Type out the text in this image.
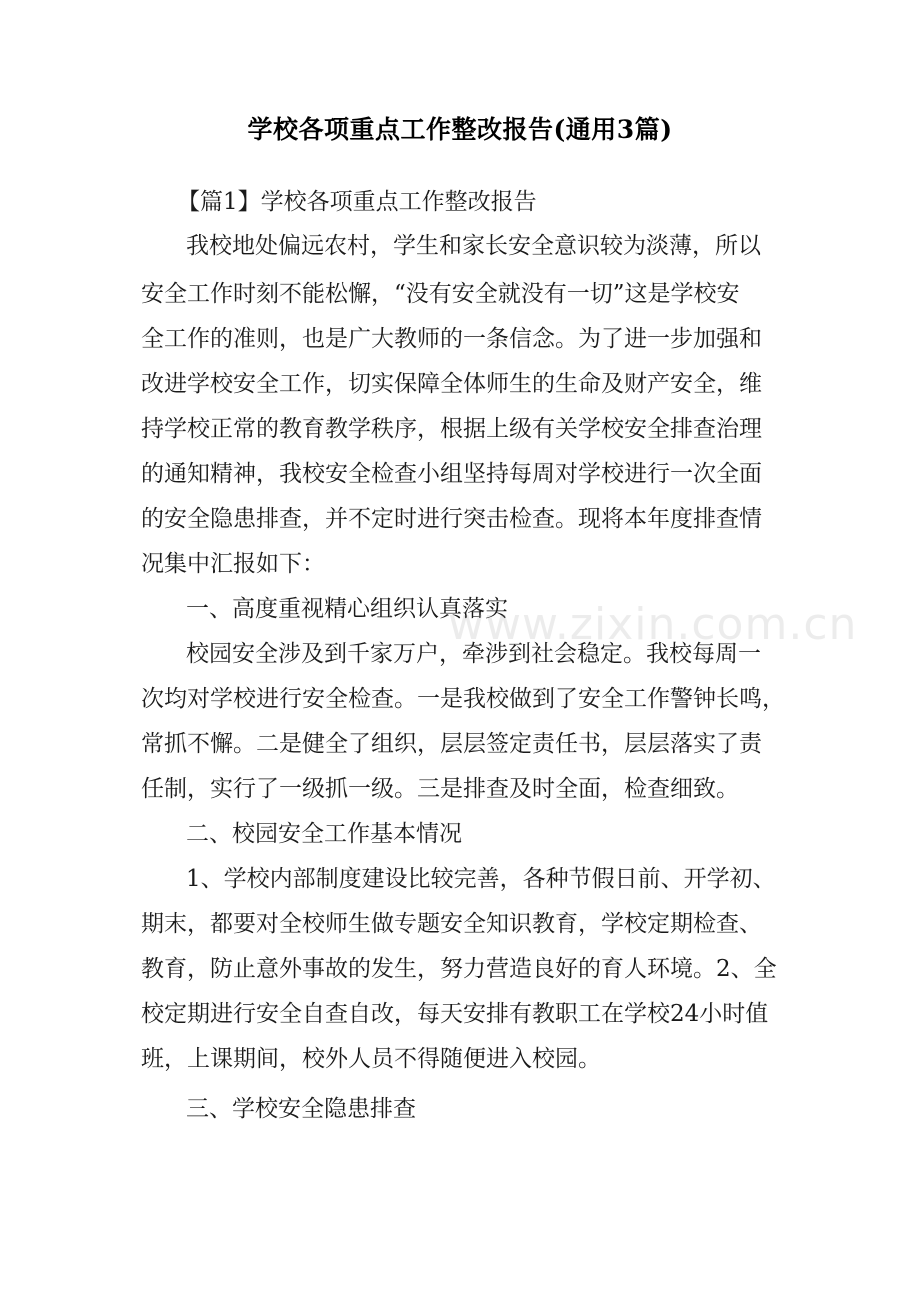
学校各项重点工作整改报告(通用3篇)
【篇1】学校各项重点工作整改报告
我校地处偏远农村，学生和家长安全意识较为淡薄，所以
安全工作时刻不能松懈，“没有安全就没有一切”这是学校安
全工作的准则，也是广大教师的一条信念。为了进一步加强和
改进学校安全工作，切实保障全体师生的生命及财产安全，维
持学校正常的教育教学秩序，根据上级有关学校安全排查治理
的通知精神，我校安全检查小组坚持每周对学校进行一次全面
的安全隐患排查，并不定时进行突击检查。现将本年度排查情
况集中汇报如下：
一、高度重视精心组织认真落实
校园安全涉及到千家万户，牵涉到社会稳定。我校每周一
次均对学校进行安全检查。一是我校做到了安全工作警钟长鸣，
常抓不懈。二是健全了组织，层层签定责任书，层层落实了责
任制，实行了一级抓一级。三是排查及时全面，检查细致。
二、校园安全工作基本情况
1、学校内部制度建设比较完善，各种节假日前、开学初、
期末，都要对全校师生做专题安全知识教育，学校定期检查、
教育，防止意外事故的发生，努力营造良好的育人环境。2、全
校定期进行安全自查自改，每天安排有教职工在学校24小时值
班，上课期间，校外人员不得随便进入校园。
三、学校安全隐患排查
www.zixin.com.cn
